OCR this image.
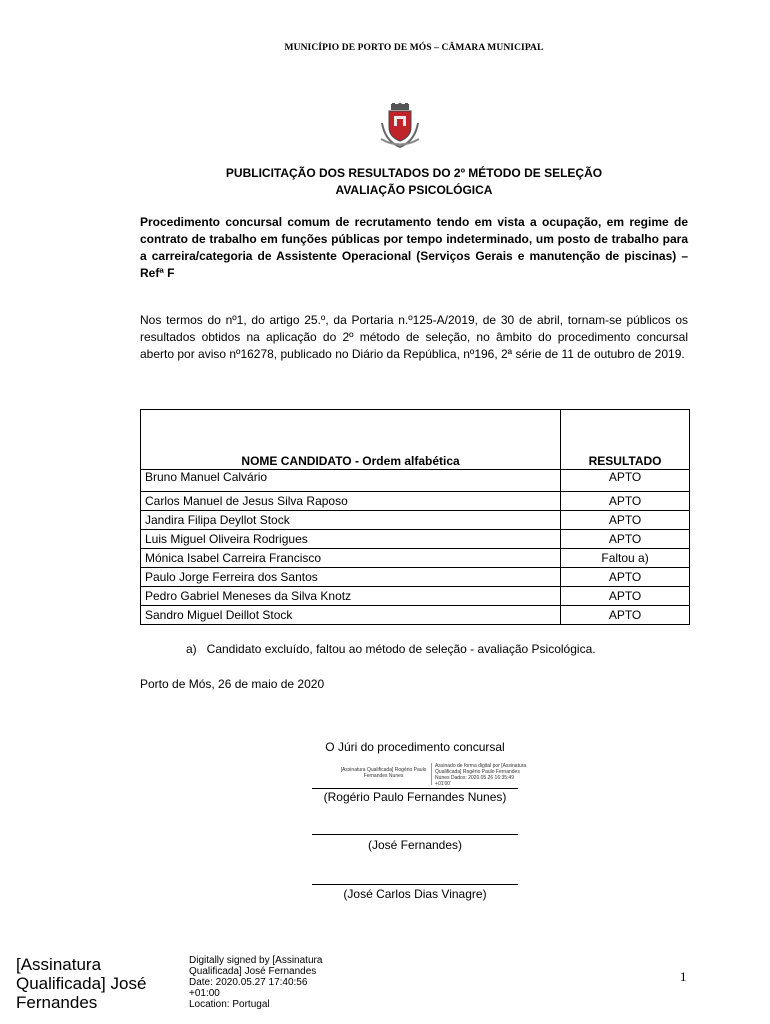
MUNICÍPIO DE PORTO DE MÓS – CÂMARA MUNICIPAL
PUBLICITAÇÃO DOS RESULTADOS DO 2º MÉTODO DE SELEÇÃO
AVALIAÇÃO PSICOLÓGICA
Procedimento concursal comum de recrutamento tendo em vista a ocupação, em regime de contrato de trabalho em funções públicas por tempo indeterminado, um posto de trabalho para a carreira/categoria de Assistente Operacional (Serviços Gerais e manutenção de piscinas) – Refª F
Nos termos do nº1, do artigo 25.º, da Portaria n.º125-A/2019, de 30 de abril, tornam-se públicos os resultados obtidos na aplicação do 2º método de seleção, no âmbito do procedimento concursal aberto por aviso nº16278, publicado no Diário da República, nº196, 2ª série de 11 de outubro de 2019.
NOME CANDIDATO - Ordem alfabética	RESULTADO
Bruno Manuel Calvário	APTO
Carlos Manuel de Jesus Silva Raposo	APTO
Jandira Filipa Deyllot Stock	APTO
Luis Miguel Oliveira Rodrigues	APTO
Mónica Isabel Carreira Francisco	Faltou a)
Paulo Jorge Ferreira dos Santos	APTO
Pedro Gabriel Meneses da Silva Knotz	APTO
Sandro Miguel Deillot Stock	APTO
a) Candidato excluído, faltou ao método de seleção - avaliação Psicológica.
Porto de Mós, 26 de maio de 2020
O Júri do procedimento concursal
[Assinatura Qualificada] Rogério Paulo Fernandes Nunes
Assinado de forma digital por [Assinatura Qualificada] Rogério Paulo Fernandes Nunes Dados: 2020.05.26 16:35:49 +01'00'
(Rogério Paulo Fernandes Nunes)
(José Fernandes)
(José Carlos Dias Vinagre)
[Assinatura Qualificada] José Fernandes
Digitally signed by [Assinatura
Qualificada] José Fernandes
Date: 2020.05.27 17:40:56
+01:00
Location: Portugal
1
